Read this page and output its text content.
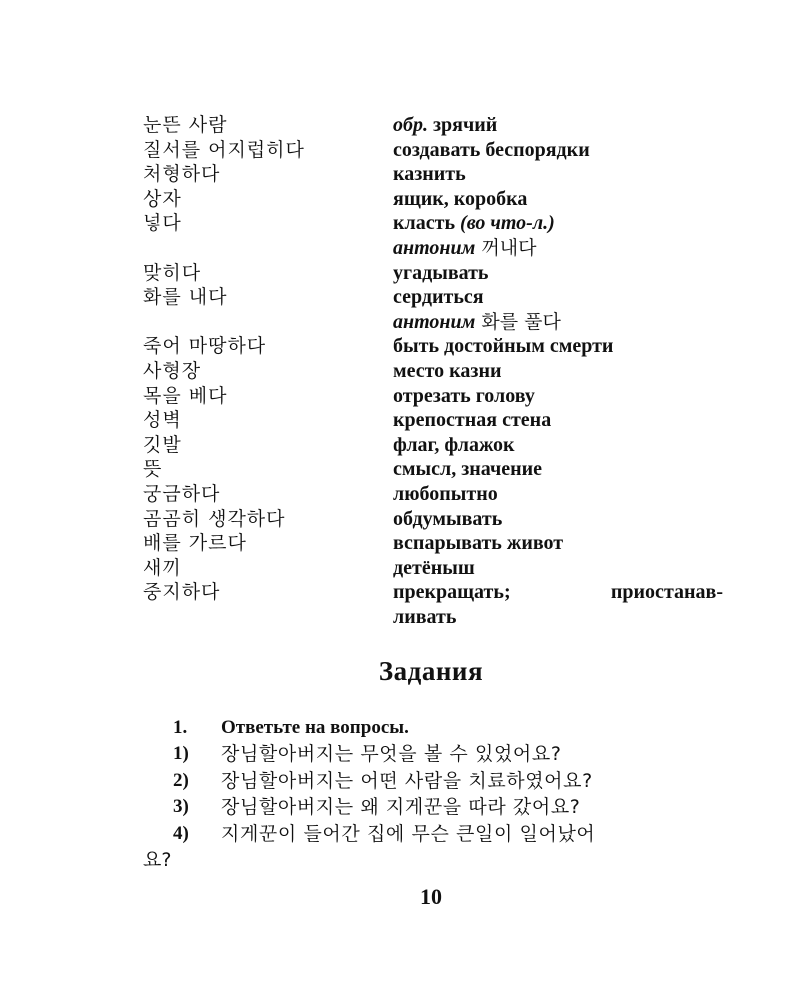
눈뜬 사람	обр. зрячий
질서를 어지럽히다	создавать беспорядки
처형하다	казнить
상자	ящик, коробка
넣다	класть (во что-л.)
антоним 꺼내다
맞히다	угадывать
화를 내다	сердиться
антоним 화를 풀다
죽어 마땅하다	быть достойным смерти
사형장	место казни
목을 베다	отрезать голову
성벽	крепостная стена
깃발	флаг, флажок
뜻	смысл, значение
궁금하다	любопытно
곰곰히 생각하다	обдумывать
배를 가르다	вспарывать живот
새끼	детёныш
중지하다	прекращать;	приостанав-
ливать
Задания
1.	Ответьте на вопросы.
1)	장님할아버지는 무엇을 볼 수 있었어요?
2)	장님할아버지는 어떤 사람을 치료하였어요?
3)	장님할아버지는 왜 지게꾼을 따라 갔어요?
4)	지게꾼이 들어간 집에 무슨 큰일이 일어났어
요?
10
